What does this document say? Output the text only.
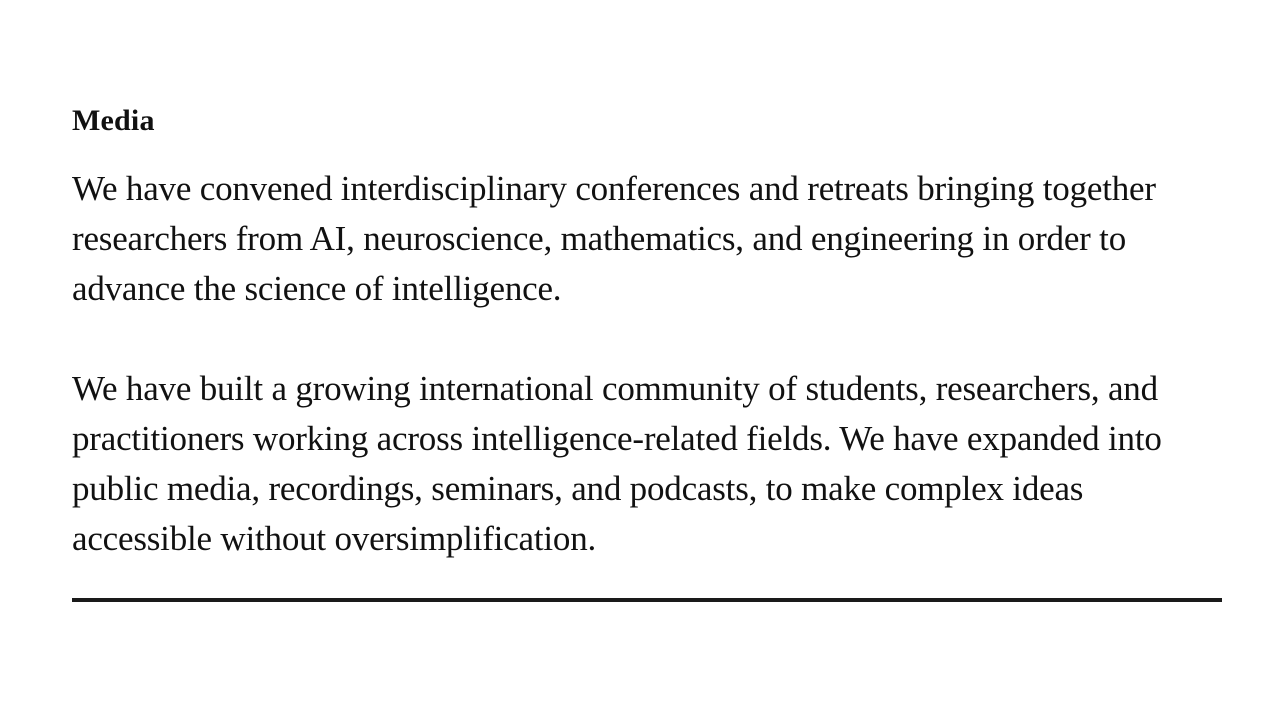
Media

We have convened interdisciplinary conferences and retreats bringing together researchers from AI, neuroscience, mathematics, and engineering in order to advance the science of intelligence.

We have built a growing international community of students, researchers, and practitioners working across intelligence-related fields. We have expanded into public media, recordings, seminars, and podcasts, to make complex ideas accessible without oversimplification.
